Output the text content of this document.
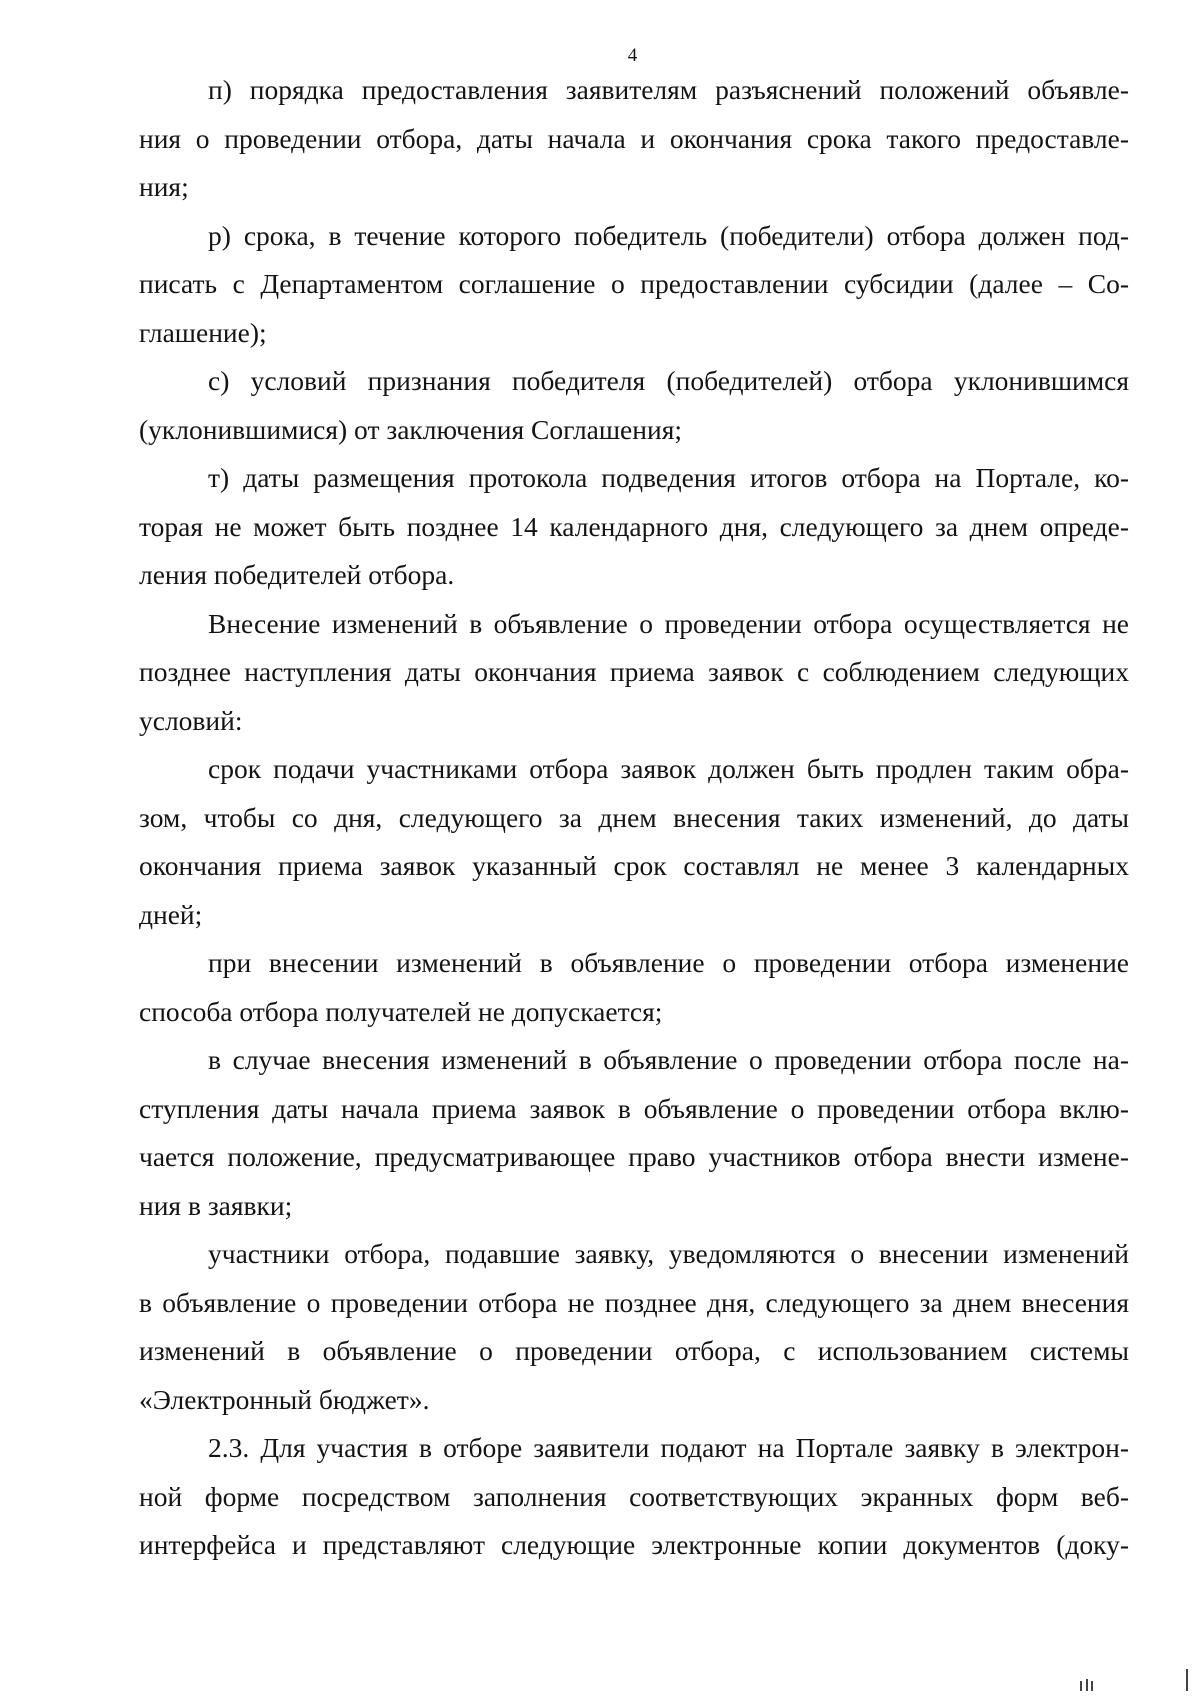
4

п) порядка предоставления заявителям разъяснений положений объявле-
ния о проведении отбора, даты начала и окончания срока такого предоставле-
ния;

р) срока, в течение которого победитель (победители) отбора должен под-
писать с Департаментом соглашение о предоставлении субсидии (далее – Со-
глашение);

с) условий признания победителя (победителей) отбора уклонившимся
(уклонившимися) от заключения Соглашения;

т) даты размещения протокола подведения итогов отбора на Портале, ко-
торая не может быть позднее 14 календарного дня, следующего за днем опреде-
ления победителей отбора.

Внесение изменений в объявление о проведении отбора осуществляется не
позднее наступления даты окончания приема заявок с соблюдением следующих
условий:

срок подачи участниками отбора заявок должен быть продлен таким обра-
зом, чтобы со дня, следующего за днем внесения таких изменений, до даты
окончания приема заявок указанный срок составлял не менее 3 календарных
дней;

при внесении изменений в объявление о проведении отбора изменение
способа отбора получателей не допускается;

в случае внесения изменений в объявление о проведении отбора после на-
ступления даты начала приема заявок в объявление о проведении отбора вклю-
чается положение, предусматривающее право участников отбора внести измене-
ния в заявки;

участники отбора, подавшие заявку, уведомляются о внесении изменений
в объявление о проведении отбора не позднее дня, следующего за днем внесения
изменений в объявление о проведении отбора, с использованием системы
«Электронный бюджет».

2.3. Для участия в отборе заявители подают на Портале заявку в электрон-
ной форме посредством заполнения соответствующих экранных форм веб-
интерфейса и представляют следующие электронные копии документов (доку-
